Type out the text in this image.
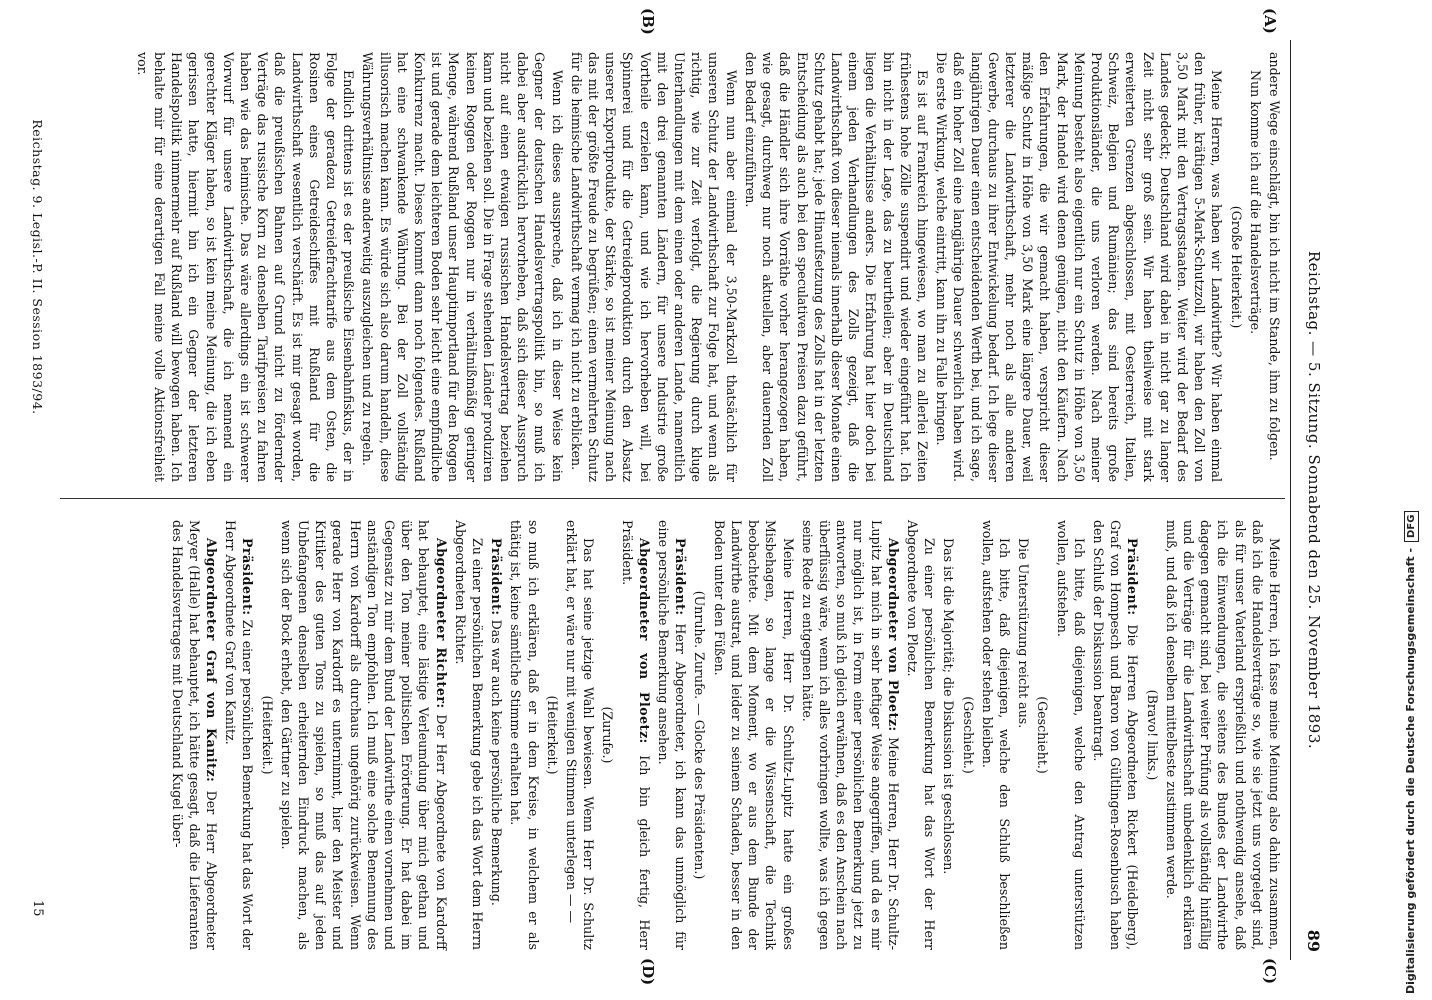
Reichstag. — 5. Sitzung. Sonnabend den 25. November 1893.
89
(A)
(B)
(C)
(D)

andere Wege einschlägt, bin ich nicht im Stande, ihm zu folgen.

Nun komme ich auf die Handelsverträge.

(Große Heiterkeit.)

Meine Herren, was haben wir Landwirthe? Wir haben einmal den früher, kräftigen 5-Mark-Schutzzoll, wir haben den Zoll von 3,50 Mark mit den Vertragsstaaten. Weiter wird der Bedarf des Landes gedeckt; Deutschland wird dabei in nicht gar zu langer Zeit nicht sehr groß sein. Wir haben theilweise mit stark erweiterten Grenzen abgeschlossen, mit Oesterreich, Italien, Schweiz, Belgien und Rumänien; das sind bereits große Produktionsländer, die uns verloren werden. Nach meiner Meinung besteht also eigentlich nur ein Schutz in Höhe von 3,50 Mark, der Handel wird denen genügen, nicht den Käufern. Nach den Erfahrungen, die wir gemacht haben, verspricht dieser mäßige Schutz in Höhe von 3,50 Mark eine längere Dauer, weil letzterer die Landwirthschaft, mehr noch als alle anderen Gewerbe, durchaus zu ihrer Entwickelung bedarf. Ich lege dieser langjährigen Dauer einen entscheidenden Werth bei, und ich sage, daß ein hoher Zoll eine langjährige Dauer schwerlich haben wird. Die erste Wirkung, welche eintritt, kann ihn zu Falle bringen.

Es ist auf Frankreich hingewiesen, wo man zu allerlei Zeiten frühestens hohe Zölle suspendirt und wieder eingeführt hat. Ich bin nicht in der Lage, das zu beurtheilen; aber in Deutschland liegen die Verhältnisse anders. Die Erfahrung hat hier doch bei einem jeden Verhandlungen des Zolls gezeigt, daß die Landwirthschaft von dieser niemals innerhalb dieser Monate einen Schutz gehabt hat; jede Hinaufsetzung des Zolls hat in der letzten Entscheidung als auch bei den speculativen Preisen dazu geführt, daß die Händler sich ihre Vorräthe vorher herangezogen haben, wie gesagt, durchweg nur noch aktuellen, aber dauernden Zoll den Bedarf einzuführen.

Wenn nun aber einmal der 3,50-Markzoll thatsächlich für unseren Schutz der Landwirthschaft zur Folge hat, und wenn als richtig, wie zur Zeit verfolgt, die Regierung durch kluge Unterhandlungen mit dem einen oder anderen Lande, namentlich mit den drei genannten Ländern, für unsere Industrie große Vortheile erzielen kann, und wie ich hervorheben will, bei Spinnerei und für die Getreideproduktion durch den Absatz unserer Exportprodukte, der Stärke, so ist meiner Meinung nach das mit der größte Freude zu begrüßen; einen vermehrten Schutz für die heimische Landwirthschaft vermag ich nicht zu erblicken.

Wenn ich dieses ausspreche, daß ich in dieser Weise kein Gegner der deutschen Handelsvertragspolitik bin, so muß ich dabei aber ausdrücklich hervorheben, daß sich dieser Ausspruch nicht auf einen etwaigen russischen Handelsvertrag beziehen kann und beziehen soll. Die in Frage stehenden Länder produziren keinen Roggen oder Roggen nur in verhältnißmäßig geringer Menge, während Rußland unser Hauptimportland für den Roggen ist und gerade dem leichteren Boden sehr leicht eine empfindliche Konkurrenz macht. Dieses kommt dann noch folgendes. Rußland hat eine schwankende Währung. Bei der Zoll vollständig illusorisch machen kann. Es würde sich also darum handeln, diese Währungsverhältnisse anderweitig auszugleichen und zu regeln.

Endlich drittens ist es der preußische Eisenbahnfiskus, der in Folge der geradezu Getreidefrachttarife aus dem Osten, die Rosinen eines Getreideschiffes mit Rußland für die Landwirthschaft wesentlich verschärft. Es ist mir gesagt worden, daß die preußischen Bahnen auf Grund nicht zu fördernder Verträge das russische Korn zu denselben Tarifpreisen zu fahren haben wie das heimische. Das wäre allerdings ein ist schwerer Vorwurf für unsere Landwirthschaft, die ich nennend ein gerechter Kläger haben, so ist kein meine Meinung, die ich eben gerissen hatte, hiermit bin ich ein Gegner der letzteren Handelspolitik nimmermehr auf Rußland will bewogen haben. Ich behalte mir für eine derartigen Fall meine volle Aktionsfreiheit vor.

Meine Herren, ich fasse meine Meinung also dahin zusammen, daß ich die Handelsverträge so, wie sie jetzt uns vorgelegt sind, als für unser Vaterland ersprießlich und nothwendig ansehe, daß ich die Einwendungen, die seitens des Bundes der Landwirthe dagegen gemacht sind, bei weiter Prüfung als vollständig hinfällig und die Verträge für die Landwirthschaft unbedenklich erklären muß, und daß ich denselben mittelbeste zustimmen werde.

(Bravo! links.)

Präsident: Die Herren Abgeordneten Rickert (Heidelberg), Graf von Hompesch und Baron von Gültlingen-Rosenbusch haben den Schluß der Diskussion beantragt.

Ich bitte, daß diejenigen, welche den Antrag unterstützen wollen, aufstehen.

(Geschieht.)

Die Unterstützung reicht aus.

Ich bitte, daß diejenigen, welche den Schluß beschließen wollen, aufstehen oder stehen bleiben.

(Geschieht.)

Das ist die Majorität; die Diskussion ist geschlossen.

Zu einer persönlichen Bemerkung hat das Wort der Herr Abgeordnete von Ploetz.

Abgeordneter von Ploetz: Meine Herren, Herr Dr. Schultz-Lupitz hat mich in sehr heftiger Weise angegriffen, und da es mir nur möglich ist, in Form einer persönlichen Bemerkung jetzt zu antworten, so muß ich gleich erwähnen, daß es den Anschein nach überflüssig wäre, wenn ich alles vorbringen wollte, was ich gegen seine Rede zu entgegnen hätte.

Meine Herren, Herr Dr. Schultz-Lupitz hatte ein großes Misbehagen, so lange er die Wissenschaft, die Technik beobachtete. Mit dem Moment, wo er aus dem Bunde der Landwirthe austrat, und leider zu seinem Schaden, besser in den Boden unter den Füßen.

(Unruhe. Zurufe. — Glocke des Präsidenten.)

Präsident: Herr Abgeordneter, ich kann das unmöglich für eine persönliche Bemerkung ansehen.

Abgeordneter von Ploetz: Ich bin gleich fertig, Herr Präsident.

(Zurufe.)

Das hat seine jetzige Wahl bewiesen. Wenn Herr Dr. Schultz erklärt hat, er wäre nur mit wenigen Stimmen unterlegen — —

(Heiterkeit.)

so muß ich erklären, daß er in dem Kreise, in welchem er als thätig ist, keine sämtliche Stimme erhalten hat.

Präsident: Das war auch keine persönliche Bemerkung.

Zu einer persönlichen Bemerkung gebe ich das Wort dem Herrn Abgeordneten Richter.

Abgeordneter Richter: Der Herr Abgeordnete von Kardorff hat behauptet, eine lästige Verleumdung über mich gethan und über den Ton meiner politischen Erörterung. Er hat dabei im Gegensatz zu mir dem Bund der Landwirthe einen vornehmen und anständigen Ton empfohlen. Ich muß eine solche Benennung des Herrn von Kardorff als durchaus ungehörig zurückweisen. Wenn gerade Herr von Kardorff es unternimmt, hier den Meister und Kritiker des guten Tons zu spielen, so muß das auf jeden Unbefangenen denselben erheiternden Eindruck machen, als wenn sich der Bock erhebt, den Gärtner zu spielen.

(Heiterkeit.)

Präsident: Zu einer persönlichen Bemerkung hat das Wort der Herr Abgeordnete Graf von Kanitz.

Abgeordneter Graf von Kanitz: Der Herr Abgeordneter Meyer (Halle) hat behauptet, ich hätte gesagt, daß die Lieferanten des Handelsvertrages mit Deutschland Kugel über-

Reichstag. 9. Legisl.-P. II. Session 1893/94.
15	Digitalisierung gefördert durch die Deutsche Forschungsgemeinschaft -DFG
